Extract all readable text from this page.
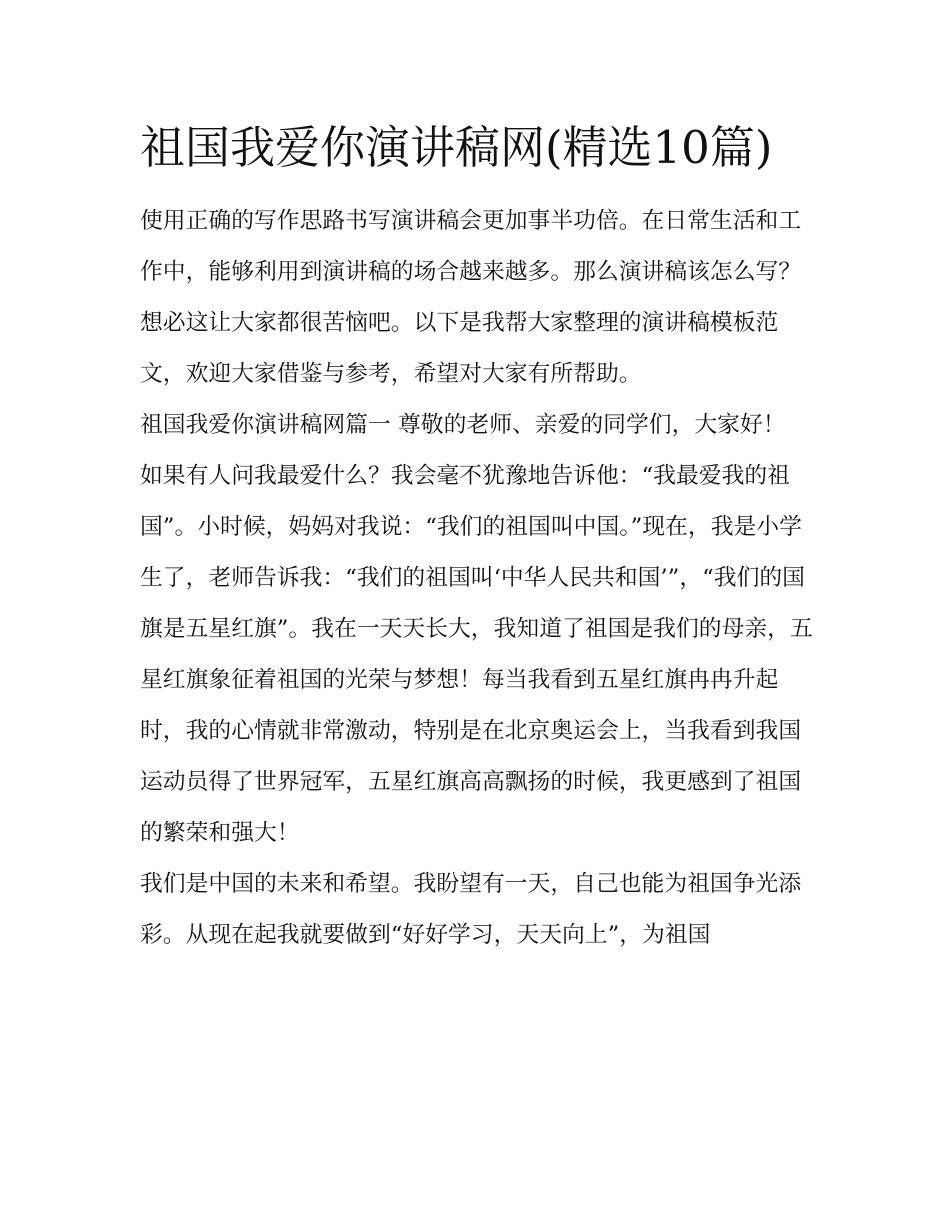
祖国我爱你演讲稿网(精选10篇)

使用正确的写作思路书写演讲稿会更加事半功倍。在日常生活和工作中，能够利用到演讲稿的场合越来越多。那么演讲稿该怎么写？想必这让大家都很苦恼吧。以下是我帮大家整理的演讲稿模板范文，欢迎大家借鉴与参考，希望对大家有所帮助。

祖国我爱你演讲稿网篇一 尊敬的老师、亲爱的同学们，大家好！

如果有人问我最爱什么？我会毫不犹豫地告诉他：“我最爱我的祖国”。小时候，妈妈对我说：“我们的祖国叫中国。”现在，我是小学生了，老师告诉我：“我们的祖国叫‘中华人民共和国’”，“我们的国旗是五星红旗”。我在一天天长大，我知道了祖国是我们的母亲，五星红旗象征着祖国的光荣与梦想！每当我看到五星红旗冉冉升起时，我的心情就非常激动，特别是在北京奥运会上，当我看到我国运动员得了世界冠军，五星红旗高高飘扬的时候，我更感到了祖国的繁荣和强大！

我们是中国的未来和希望。我盼望有一天，自己也能为祖国争光添彩。从现在起我就要做到“好好学习，天天向上”，为祖国
